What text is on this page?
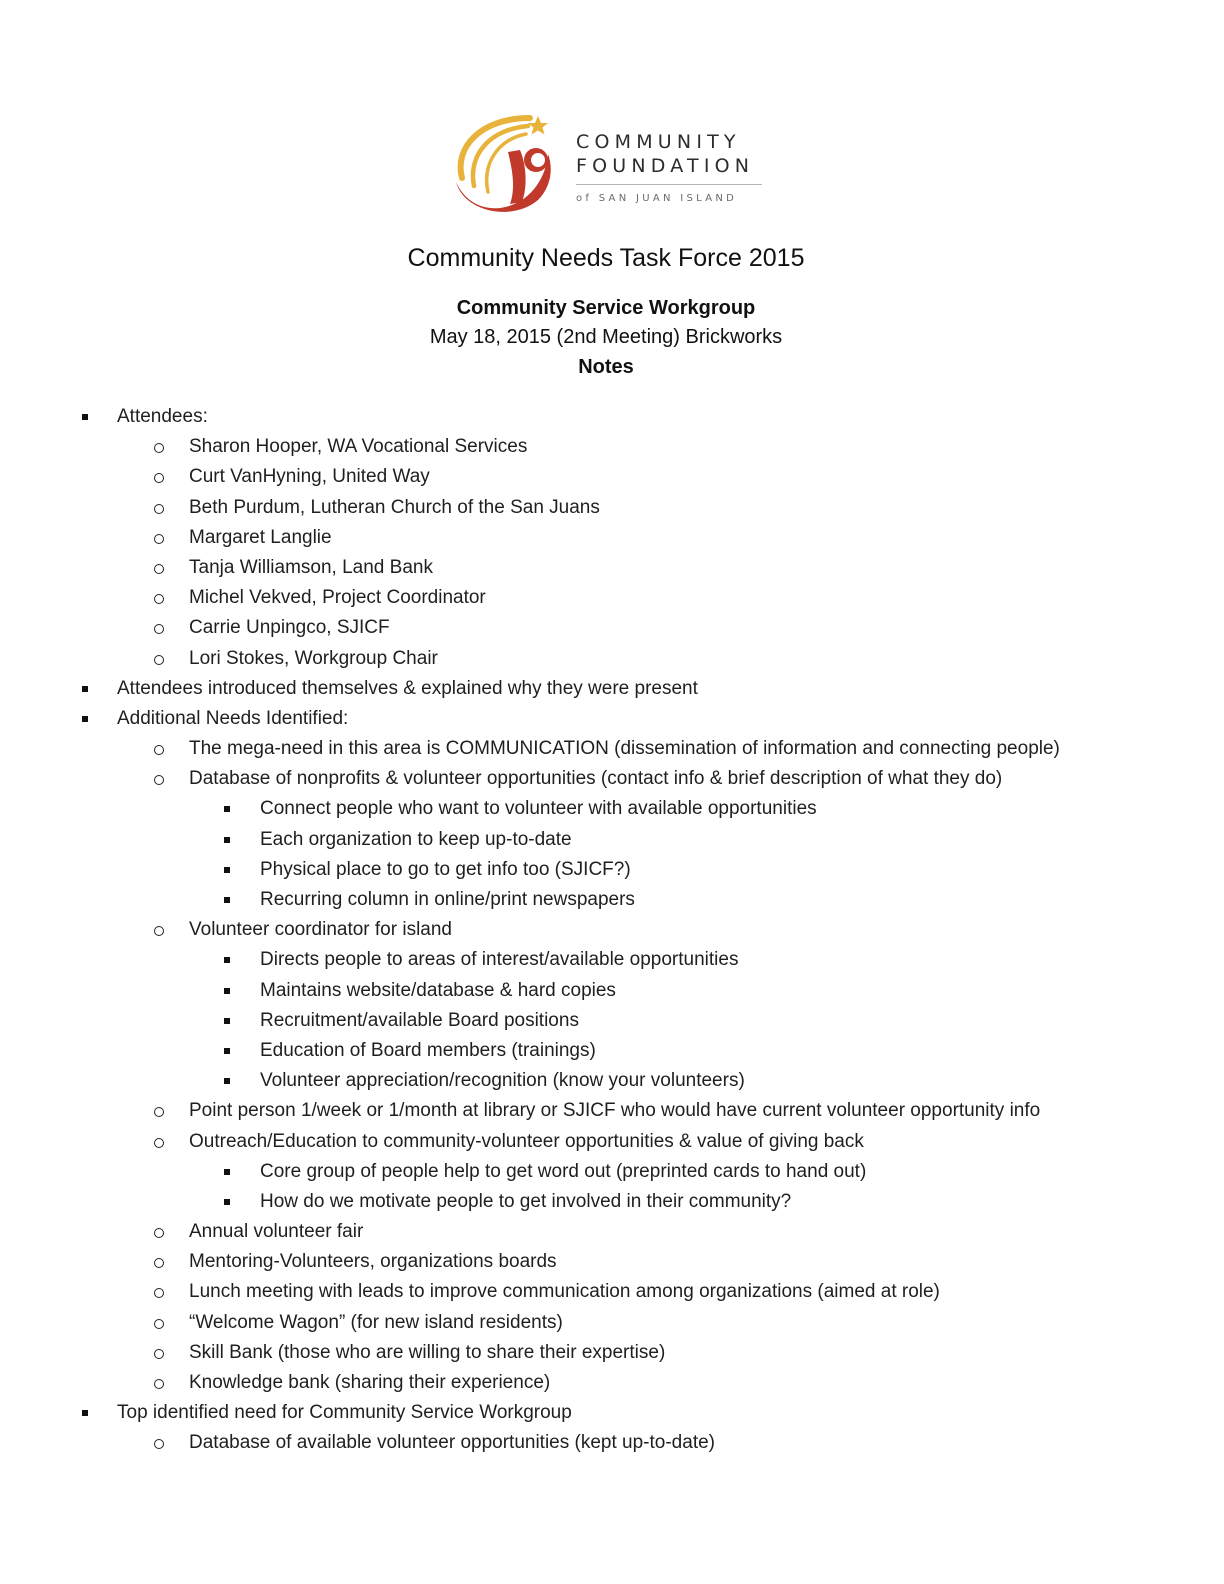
COMMUNITY
FOUNDATION
of SAN JUAN ISLAND
Community Needs Task Force 2015
Community Service Workgroup
May 18, 2015 (2nd Meeting) Brickworks
Notes
Attendees:
Sharon Hooper, WA Vocational Services
Curt VanHyning, United Way
Beth Purdum, Lutheran Church of the San Juans
Margaret Langlie
Tanja Williamson, Land Bank
Michel Vekved, Project Coordinator
Carrie Unpingco, SJICF
Lori Stokes, Workgroup Chair
Attendees introduced themselves & explained why they were present
Additional Needs Identified:
The mega-need in this area is COMMUNICATION (dissemination of information and connecting people)
Database of nonprofits & volunteer opportunities (contact info & brief description of what they do)
Connect people who want to volunteer with available opportunities
Each organization to keep up-to-date
Physical place to go to get info too (SJICF?)
Recurring column in online/print newspapers
Volunteer coordinator for island
Directs people to areas of interest/available opportunities
Maintains website/database & hard copies
Recruitment/available Board positions
Education of Board members (trainings)
Volunteer appreciation/recognition (know your volunteers)
Point person 1/week or 1/month at library or SJICF who would have current volunteer opportunity info
Outreach/Education to community-volunteer opportunities & value of giving back
Core group of people help to get word out (preprinted cards to hand out)
How do we motivate people to get involved in their community?
Annual volunteer fair
Mentoring-Volunteers, organizations boards
Lunch meeting with leads to improve communication among organizations (aimed at role)
“Welcome Wagon” (for new island residents)
Skill Bank (those who are willing to share their expertise)
Knowledge bank (sharing their experience)
Top identified need for Community Service Workgroup
Database of available volunteer opportunities (kept up-to-date)
